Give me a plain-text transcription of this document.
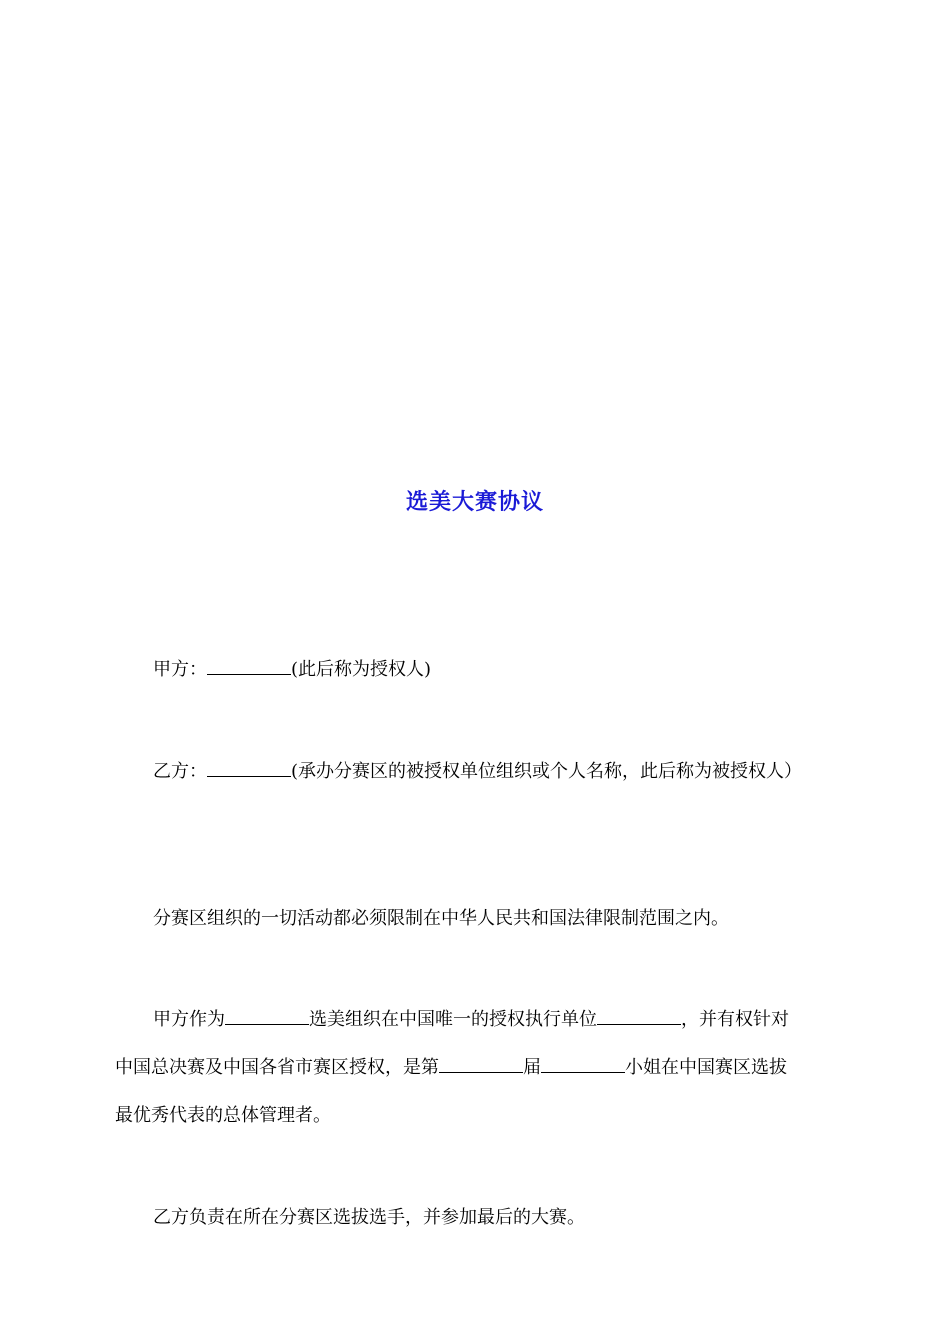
选美大赛协议
甲方：	(此后称为授权人)
乙方：	(承办分赛区的被授权单位组织或个人名称，此后称为被授权人）
分赛区组织的一切活动都必须限制在中华人民共和国法律限制范围之内。
甲方作为	选美组织在中国唯一的授权执行单位	，并有权针对
中国总决赛及中国各省市赛区授权，是第	届	小姐在中国赛区选拔
最优秀代表的总体管理者。
乙方负责在所在分赛区选拔选手，并参加最后的大赛。
